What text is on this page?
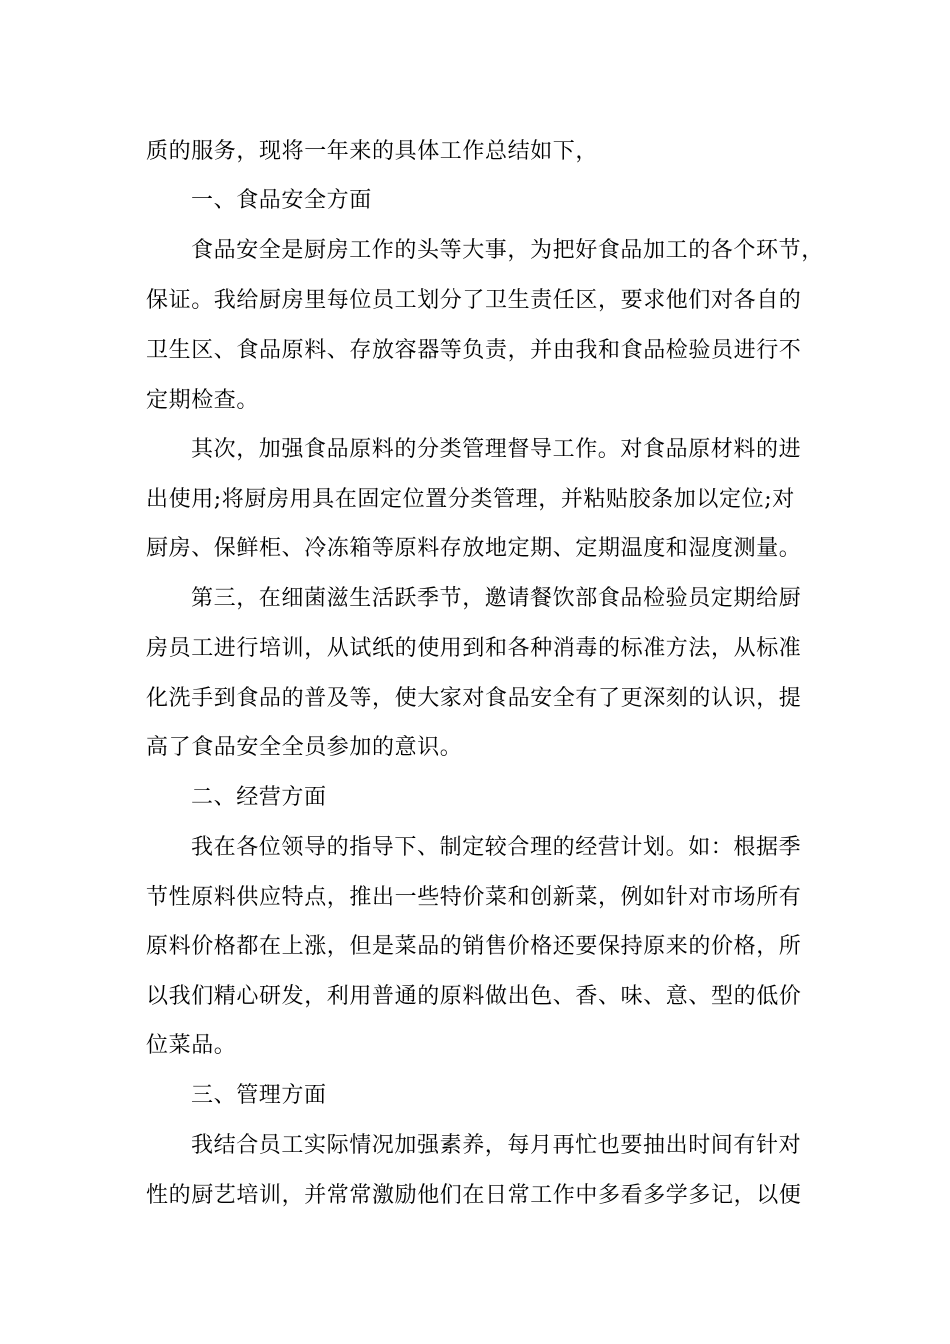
质的服务，现将一年来的具体工作总结如下，
一、食品安全方面
食品安全是厨房工作的头等大事，为把好食品加工的各个环节，
保证。我给厨房里每位员工划分了卫生责任区，要求他们对各自的
卫生区、食品原料、存放容器等负责，并由我和食品检验员进行不
定期检查。
其次，加强食品原料的分类管理督导工作。对食品原材料的进
出使用;将厨房用具在固定位置分类管理，并粘贴胶条加以定位;对
厨房、保鲜柜、冷冻箱等原料存放地定期、定期温度和湿度测量。
第三，在细菌滋生活跃季节，邀请餐饮部食品检验员定期给厨
房员工进行培训，从试纸的使用到和各种消毒的标准方法，从标准
化洗手到食品的普及等，使大家对食品安全有了更深刻的认识，提
高了食品安全全员参加的意识。
二、经营方面
我在各位领导的指导下、制定较合理的经营计划。如：根据季
节性原料供应特点，推出一些特价菜和创新菜，例如针对市场所有
原料价格都在上涨，但是菜品的销售价格还要保持原来的价格，所
以我们精心研发，利用普通的原料做出色、香、味、意、型的低价
位菜品。
三、管理方面
我结合员工实际情况加强素养，每月再忙也要抽出时间有针对
性的厨艺培训，并常常激励他们在日常工作中多看多学多记，以便
